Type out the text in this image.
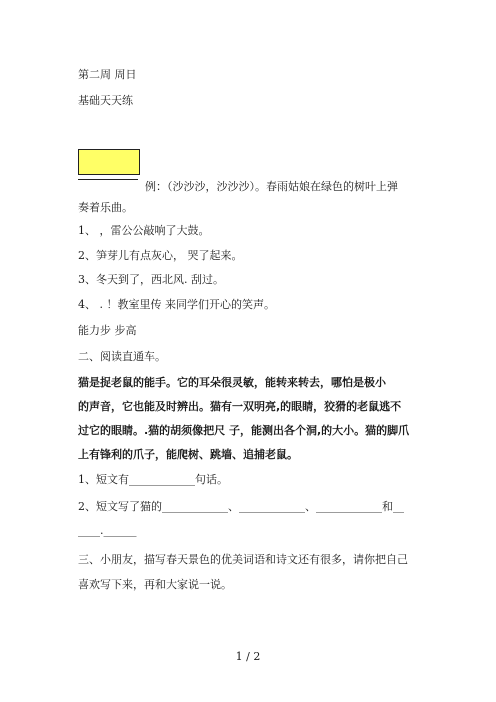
第二周 周日
基础天天练
例：（沙沙沙，沙沙沙）。春雨姑娘在绿色的树叶上弹
奏着乐曲。
1、 ，雷公公敲响了大鼓。
2、笋芽儿有点灰心， 哭了起来。
3、冬天到了，西北风. 刮过。
4、 . ！教室里传 来同学们开心的笑声。
能力步 步高
二、阅读直通车。
猫是捉老鼠的能手。它的耳朵很灵敏，能转来转去，哪怕是极小
的声音，它也能及时辨出。猫有一双明亮,的眼睛，狡猾的老鼠逃不
过它的眼睛。.猫的胡须像把尺 子，能测出各个洞,的大小。猫的脚爪
上有锋利的爪子，能爬树、跳墙、追捕老鼠。
1、短文有____________句话。
2、短文写了猫的____________、____________、____________和__
____.______
三、小朋友，描写春天景色的优美词语和诗文还有很多，请你把自己
喜欢写下来，再和大家说一说。
1 / 2
